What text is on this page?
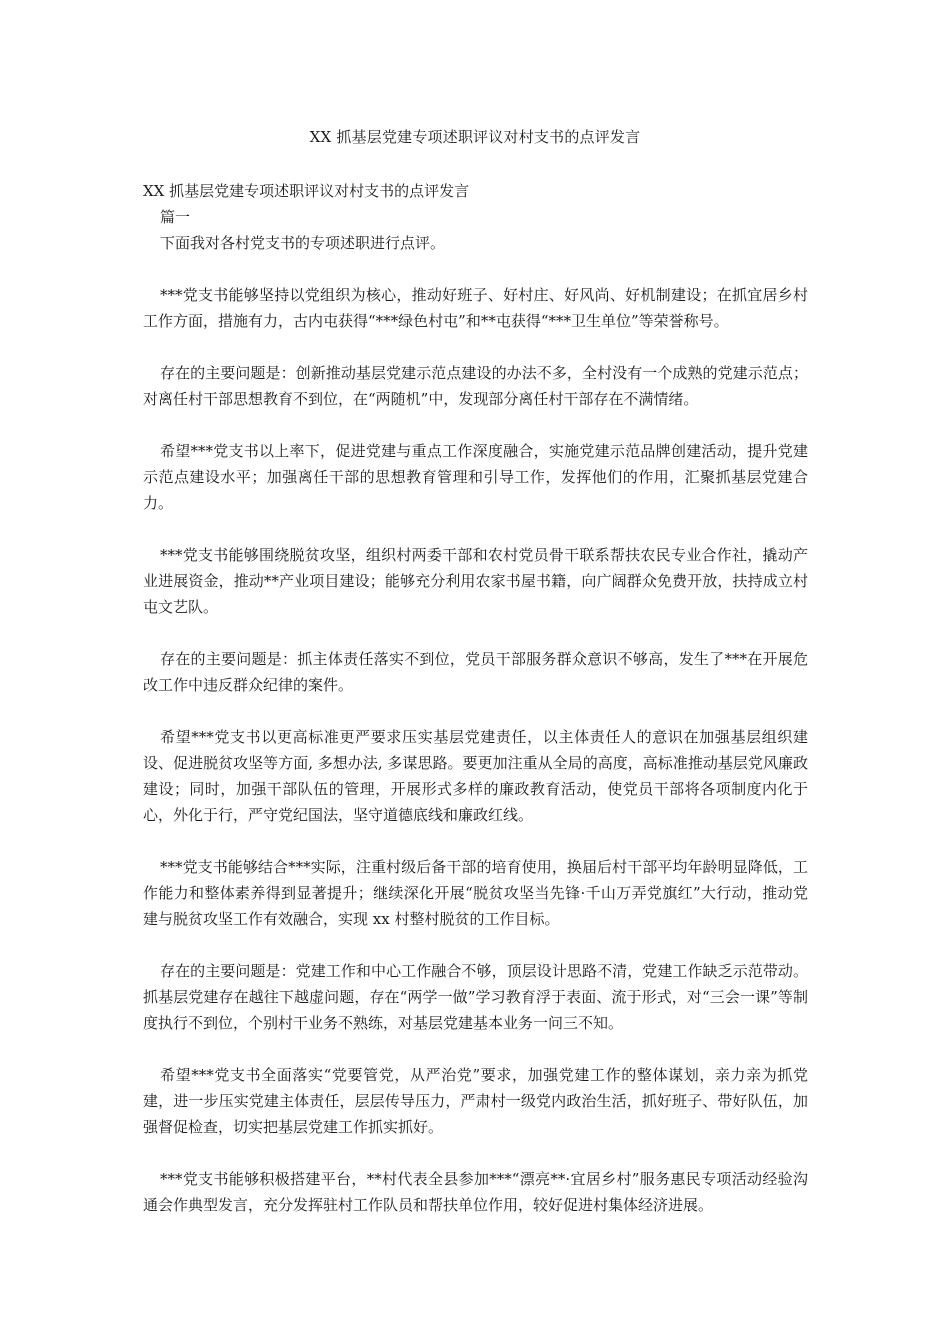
XX 抓基层党建专项述职评议对村支书的点评发言

XX 抓基层党建专项述职评议对村支书的点评发言

篇一

下面我对各村党支书的专项述职进行点评。

***党支书能够坚持以党组织为核心，推动好班子、好村庄、好风尚、好机制建设；在抓宜居乡村工作方面，措施有力，古内屯获得“***绿色村屯”和**屯获得“***卫生单位”等荣誉称号。

存在的主要问题是：创新推动基层党建示范点建设的办法不多，全村没有一个成熟的党建示范点；对离任村干部思想教育不到位，在“两随机”中，发现部分离任村干部存在不满情绪。

希望***党支书以上率下，促进党建与重点工作深度融合，实施党建示范品牌创建活动，提升党建示范点建设水平；加强离任干部的思想教育管理和引导工作，发挥他们的作用，汇聚抓基层党建合力。

***党支书能够围绕脱贫攻坚，组织村两委干部和农村党员骨干联系帮扶农民专业合作社，撬动产业进展资金，推动**产业项目建设；能够充分利用农家书屋书籍，向广阔群众免费开放，扶持成立村屯文艺队。

存在的主要问题是：抓主体责任落实不到位，党员干部服务群众意识不够高，发生了***在开展危改工作中违反群众纪律的案件。

希望***党支书以更高标准更严要求压实基层党建责任，以主体责任人的意识在加强基层组织建设、促进脱贫攻坚等方面, 多想办法, 多谋思路。要更加注重从全局的高度，高标准推动基层党风廉政建设；同时，加强干部队伍的管理，开展形式多样的廉政教育活动，使党员干部将各项制度内化于心，外化于行，严守党纪国法，坚守道德底线和廉政红线。

***党支书能够结合***实际，注重村级后备干部的培育使用，换届后村干部平均年龄明显降低，工作能力和整体素养得到显著提升；继续深化开展“脱贫攻坚当先锋·千山万弄党旗红”大行动，推动党建与脱贫攻坚工作有效融合，实现 xx 村整村脱贫的工作目标。

存在的主要问题是：党建工作和中心工作融合不够，顶层设计思路不清，党建工作缺乏示范带动。抓基层党建存在越往下越虚问题，存在“两学一做”学习教育浮于表面、流于形式，对“三会一课”等制度执行不到位，个别村干业务不熟练，对基层党建基本业务一问三不知。

希望***党支书全面落实“党要管党，从严治党”要求，加强党建工作的整体谋划，亲力亲为抓党建，进一步压实党建主体责任，层层传导压力，严肃村一级党内政治生活，抓好班子、带好队伍，加强督促检查，切实把基层党建工作抓实抓好。

***党支书能够积极搭建平台，**村代表全县参加***“漂亮**·宜居乡村”服务惠民专项活动经验沟通会作典型发言，充分发挥驻村工作队员和帮扶单位作用，较好促进村集体经济进展。
